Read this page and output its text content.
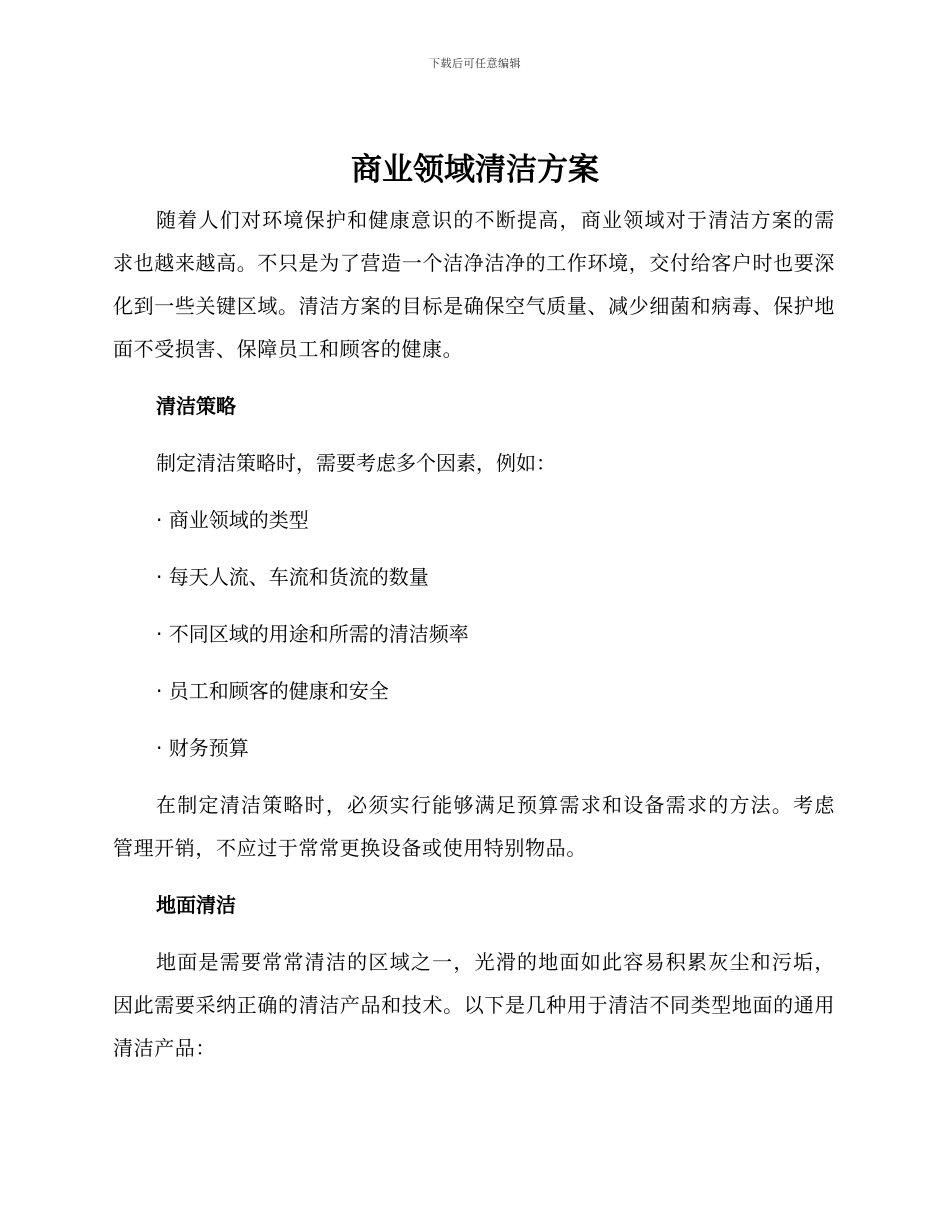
下载后可任意编辑
商业领域清洁方案

随着人们对环境保护和健康意识的不断提高，商业领域对于清洁方案的需求也越来越高。不只是为了营造一个洁净洁净的工作环境，交付给客户时也要深化到一些关键区域。清洁方案的目标是确保空气质量、减少细菌和病毒、保护地面不受损害、保障员工和顾客的健康。

清洁策略

制定清洁策略时，需要考虑多个因素，例如：

· 商业领域的类型

· 每天人流、车流和货流的数量

· 不同区域的用途和所需的清洁频率

· 员工和顾客的健康和安全

· 财务预算

在制定清洁策略时，必须实行能够满足预算需求和设备需求的方法。考虑管理开销，不应过于常常更换设备或使用特别物品。

地面清洁

地面是需要常常清洁的区域之一，光滑的地面如此容易积累灰尘和污垢，因此需要采纳正确的清洁产品和技术。以下是几种用于清洁不同类型地面的通用清洁产品：
